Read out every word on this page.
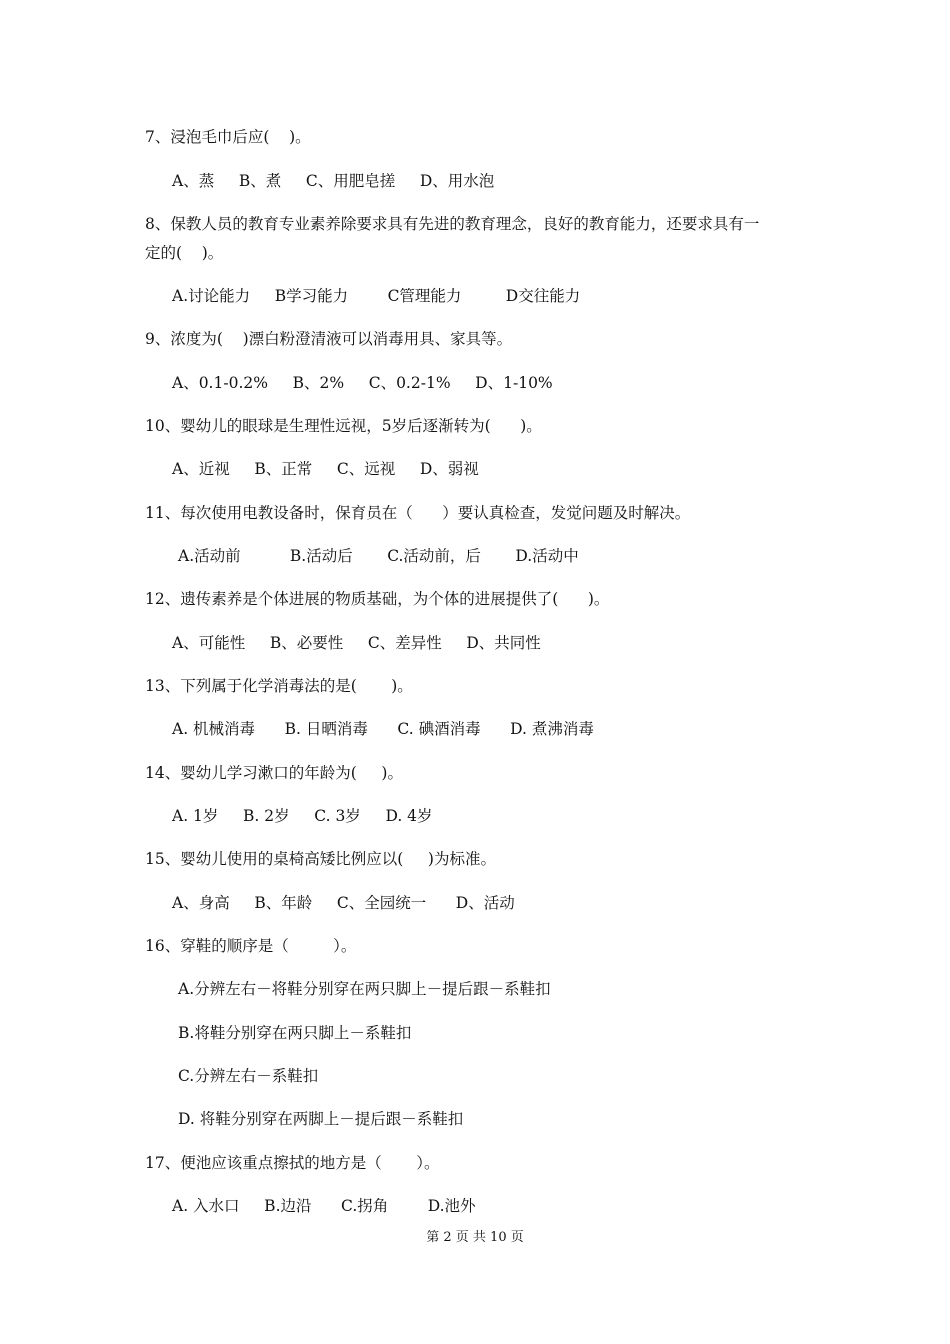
7、浸泡毛巾后应(    )。
A、蒸     B、煮     C、用肥皂搓     D、用水泡
8、保教人员的教育专业素养除要求具有先进的教育理念，良好的教育能力，还要求具有一
定的(    )。
A.讨论能力     B学习能力        C管理能力         D交往能力
9、浓度为(    )漂白粉澄清液可以消毒用具、家具等。
A、0.1-0.2%     B、2%     C、0.2-1%     D、1-10%
10、婴幼儿的眼球是生理性远视，5岁后逐渐转为(      )。
A、近视     B、正常     C、远视     D、弱视
11、每次使用电教设备时，保育员在（      ）要认真检查，发觉问题及时解决。
A.活动前          B.活动后       C.活动前，后       D.活动中
12、遗传素养是个体进展的物质基础，为个体的进展提供了(      )。
A、可能性     B、必要性     C、差异性     D、共同性
13、下列属于化学消毒法的是(       )。
A. 机械消毒      B. 日晒消毒      C. 碘酒消毒      D. 煮沸消毒
14、婴幼儿学习漱口的年龄为(     )。
A. 1岁     B. 2岁     C. 3岁     D. 4岁
15、婴幼儿使用的桌椅高矮比例应以(     )为标准。
A、身高     B、年龄     C、全园统一      D、活动
16、穿鞋的顺序是（         ）。
A.分辨左右－将鞋分别穿在两只脚上－提后跟－系鞋扣
B.将鞋分别穿在两只脚上－系鞋扣
C.分辨左右－系鞋扣
D. 将鞋分别穿在两脚上－提后跟－系鞋扣
17、便池应该重点擦拭的地方是（       ）。
A. 入水口     B.边沿      C.拐角        D.池外
第 2 页 共 10 页
